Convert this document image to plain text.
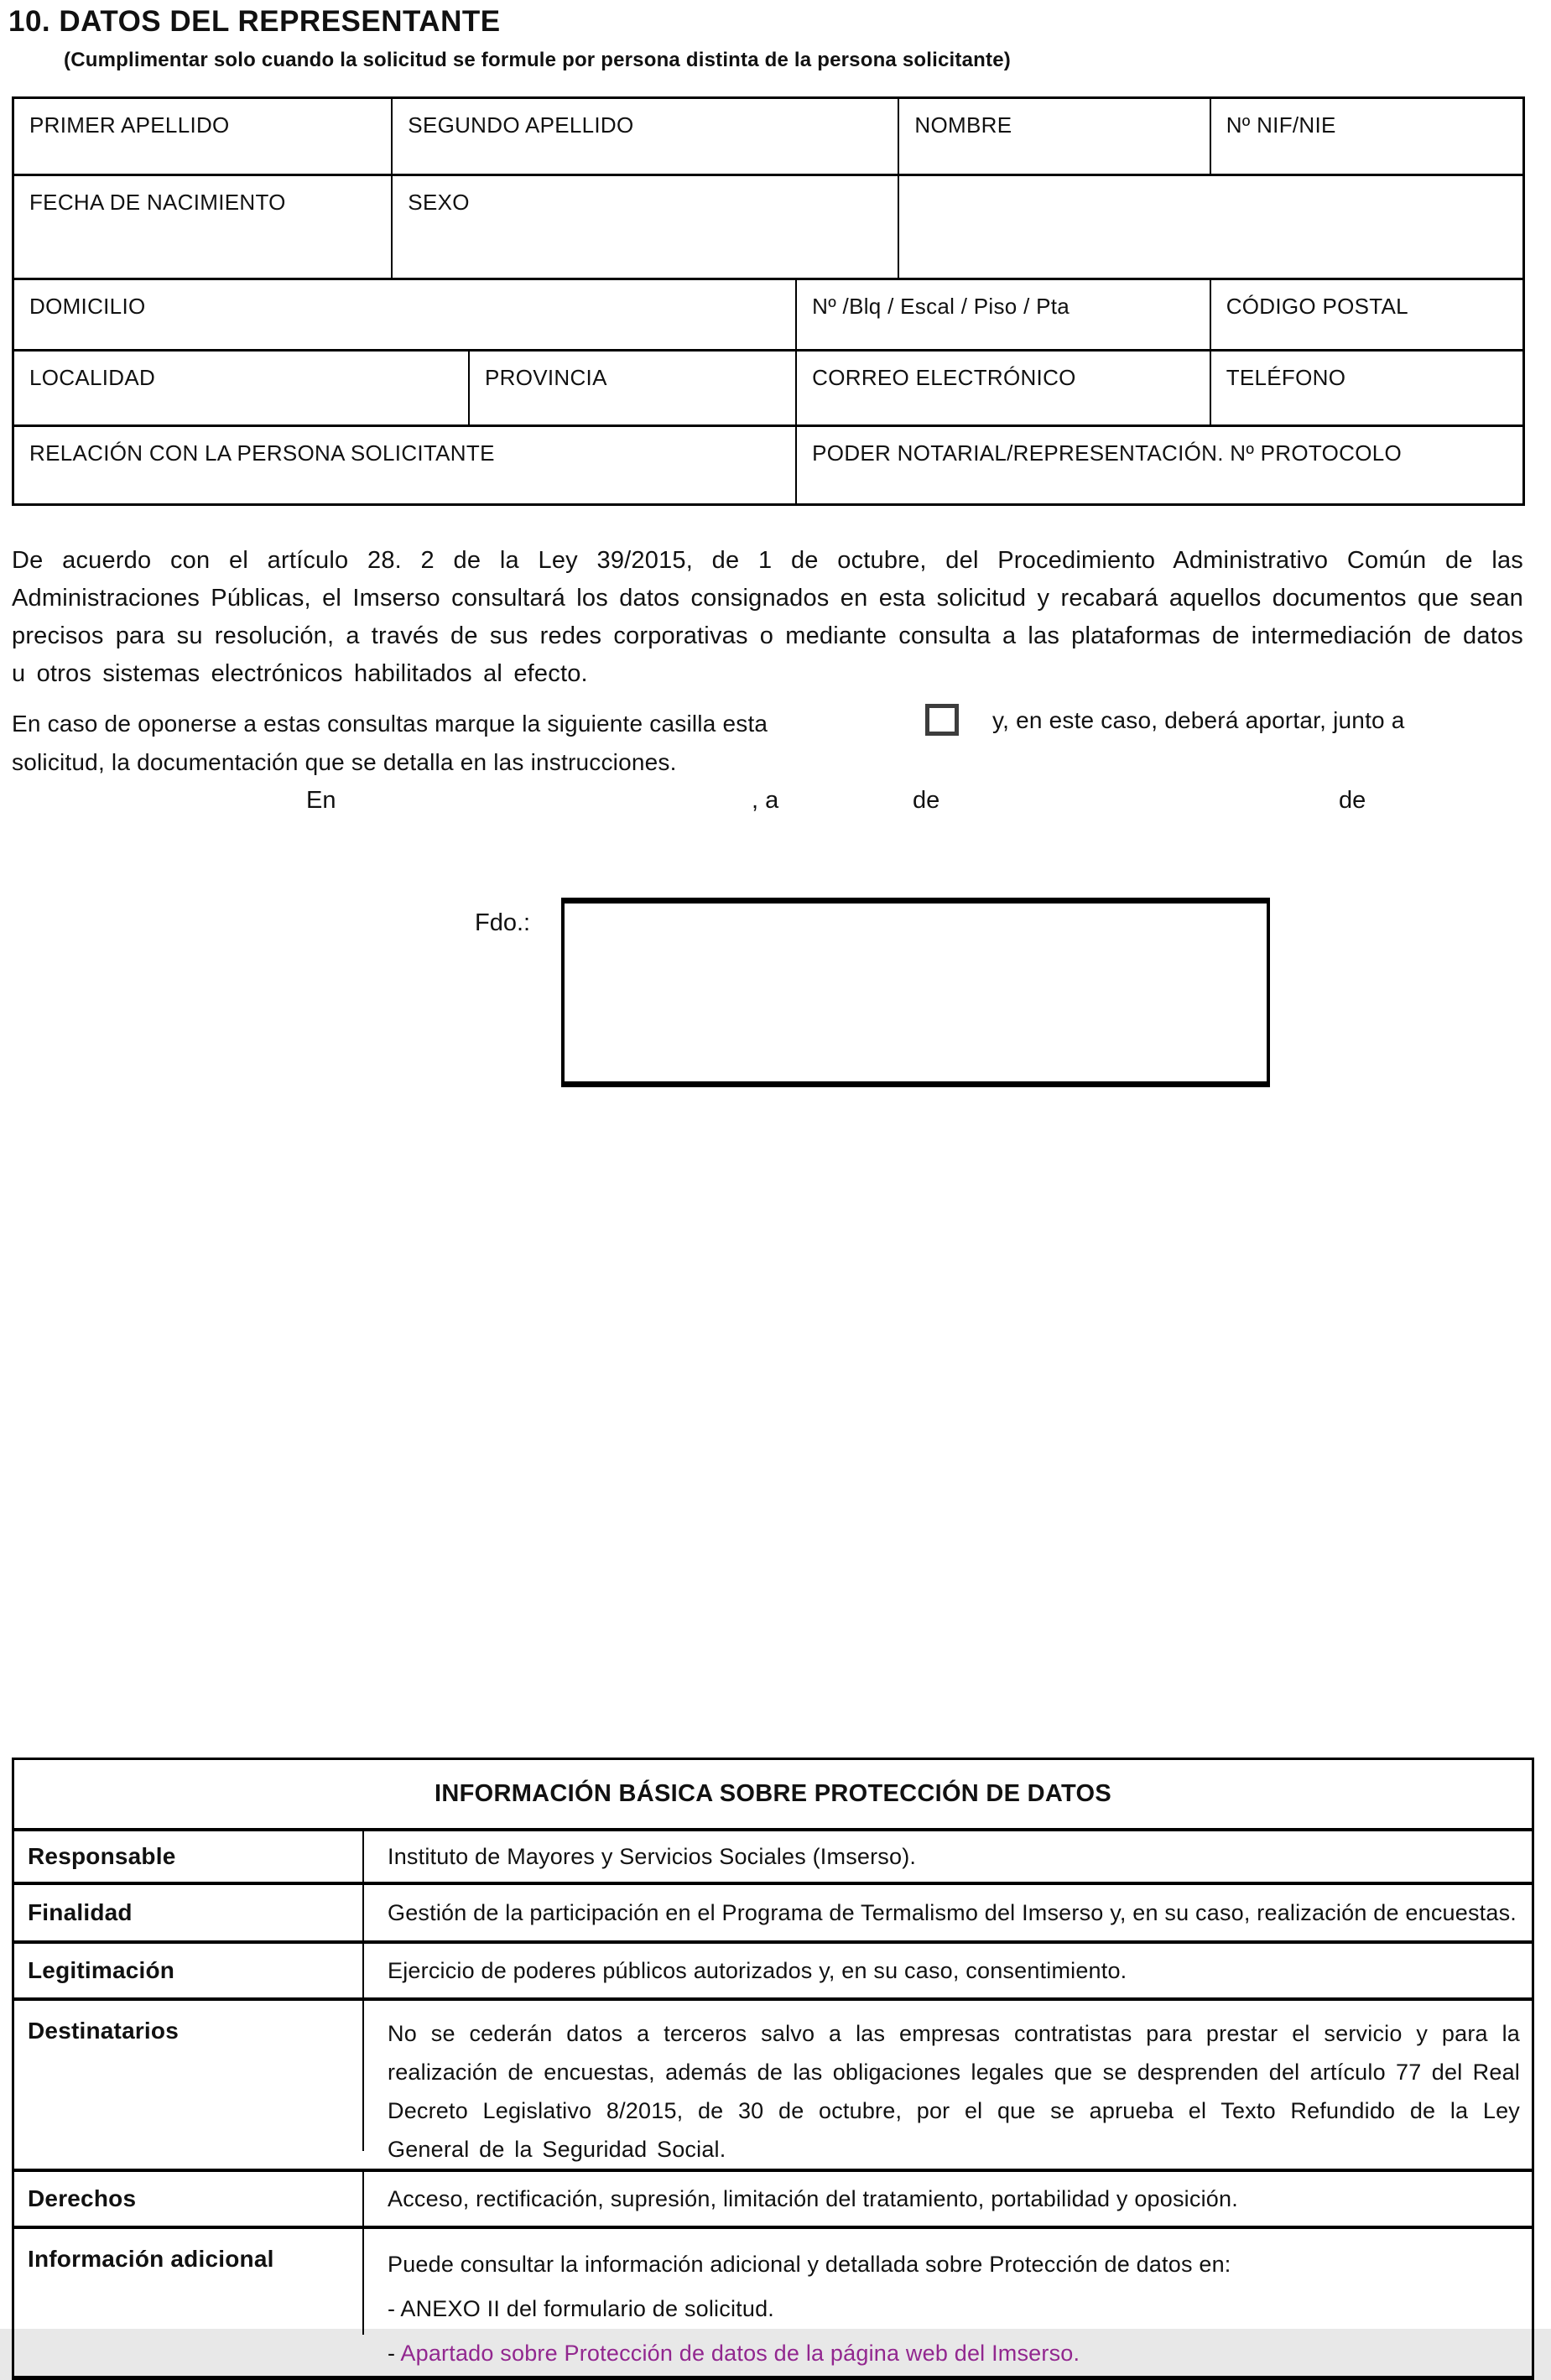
10. DATOS DEL REPRESENTANTE
(Cumplimentar solo cuando la solicitud se formule por persona distinta de la persona solicitante)
PRIMER APELLIDO	SEGUNDO APELLIDO	NOMBRE	Nº NIF/NIE
FECHA DE NACIMIENTO	SEXO
DOMICILIO	Nº /Blq / Escal / Piso / Pta	CÓDIGO POSTAL
LOCALIDAD	PROVINCIA	CORREO ELECTRÓNICO	TELÉFONO
RELACIÓN CON LA PERSONA SOLICITANTE	PODER NOTARIAL/REPRESENTACIÓN. Nº PROTOCOLO
De acuerdo con el artículo 28. 2 de la Ley 39/2015, de 1 de octubre, del Procedimiento Administrativo Común de las Administraciones Públicas, el Imserso consultará los datos consignados en esta solicitud y recabará aquellos documentos que sean precisos para su resolución, a través de sus redes corporativas o mediante consulta a las plataformas de intermediación de datos u otros sistemas electrónicos habilitados al efecto.
En caso de oponerse a estas consultas marque la siguiente casilla esta solicitud, la documentación que se detalla en las instrucciones.
y, en este caso, deberá aportar, junto a
En	, a	de	de
Fdo.:
INFORMACIÓN BÁSICA SOBRE PROTECCIÓN DE DATOS
Responsable	Instituto de Mayores y Servicios Sociales (Imserso).
Finalidad	Gestión de la participación en el Programa de Termalismo del Imserso y, en su caso, realización de encuestas.
Legitimación	Ejercicio de poderes públicos autorizados y, en su caso, consentimiento.
Destinatarios	No se cederán datos a terceros salvo a las empresas contratistas para prestar el servicio y para la realización de encuestas, además de las obligaciones legales que se desprenden del artículo 77 del Real Decreto Legislativo 8/2015, de 30 de octubre, por el que se aprueba el Texto Refundido de la Ley General de la Seguridad Social.
Derechos	Acceso, rectificación, supresión, limitación del tratamiento, portabilidad y oposición.
Información adicional	Puede consultar la información adicional y detallada sobre Protección de datos en:
- ANEXO II del formulario de solicitud.
- Apartado sobre Protección de datos de la página web del Imserso.
